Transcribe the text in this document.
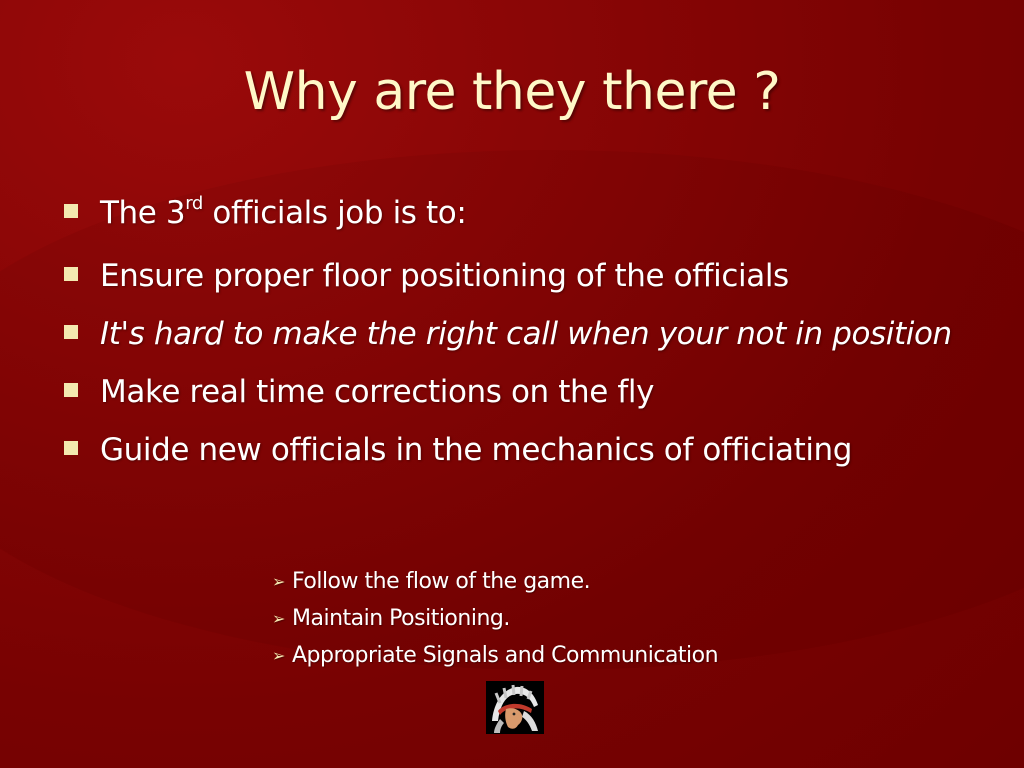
Why are they there ?
The 3rd officials job is to:
Ensure proper floor positioning of the officials
It's hard to make the right call when your not in position
Make real time corrections on the fly
Guide new officials in the mechanics of officiating
➢ Follow the flow of the game.
➢ Maintain Positioning.
➢ Appropriate Signals and Communication
